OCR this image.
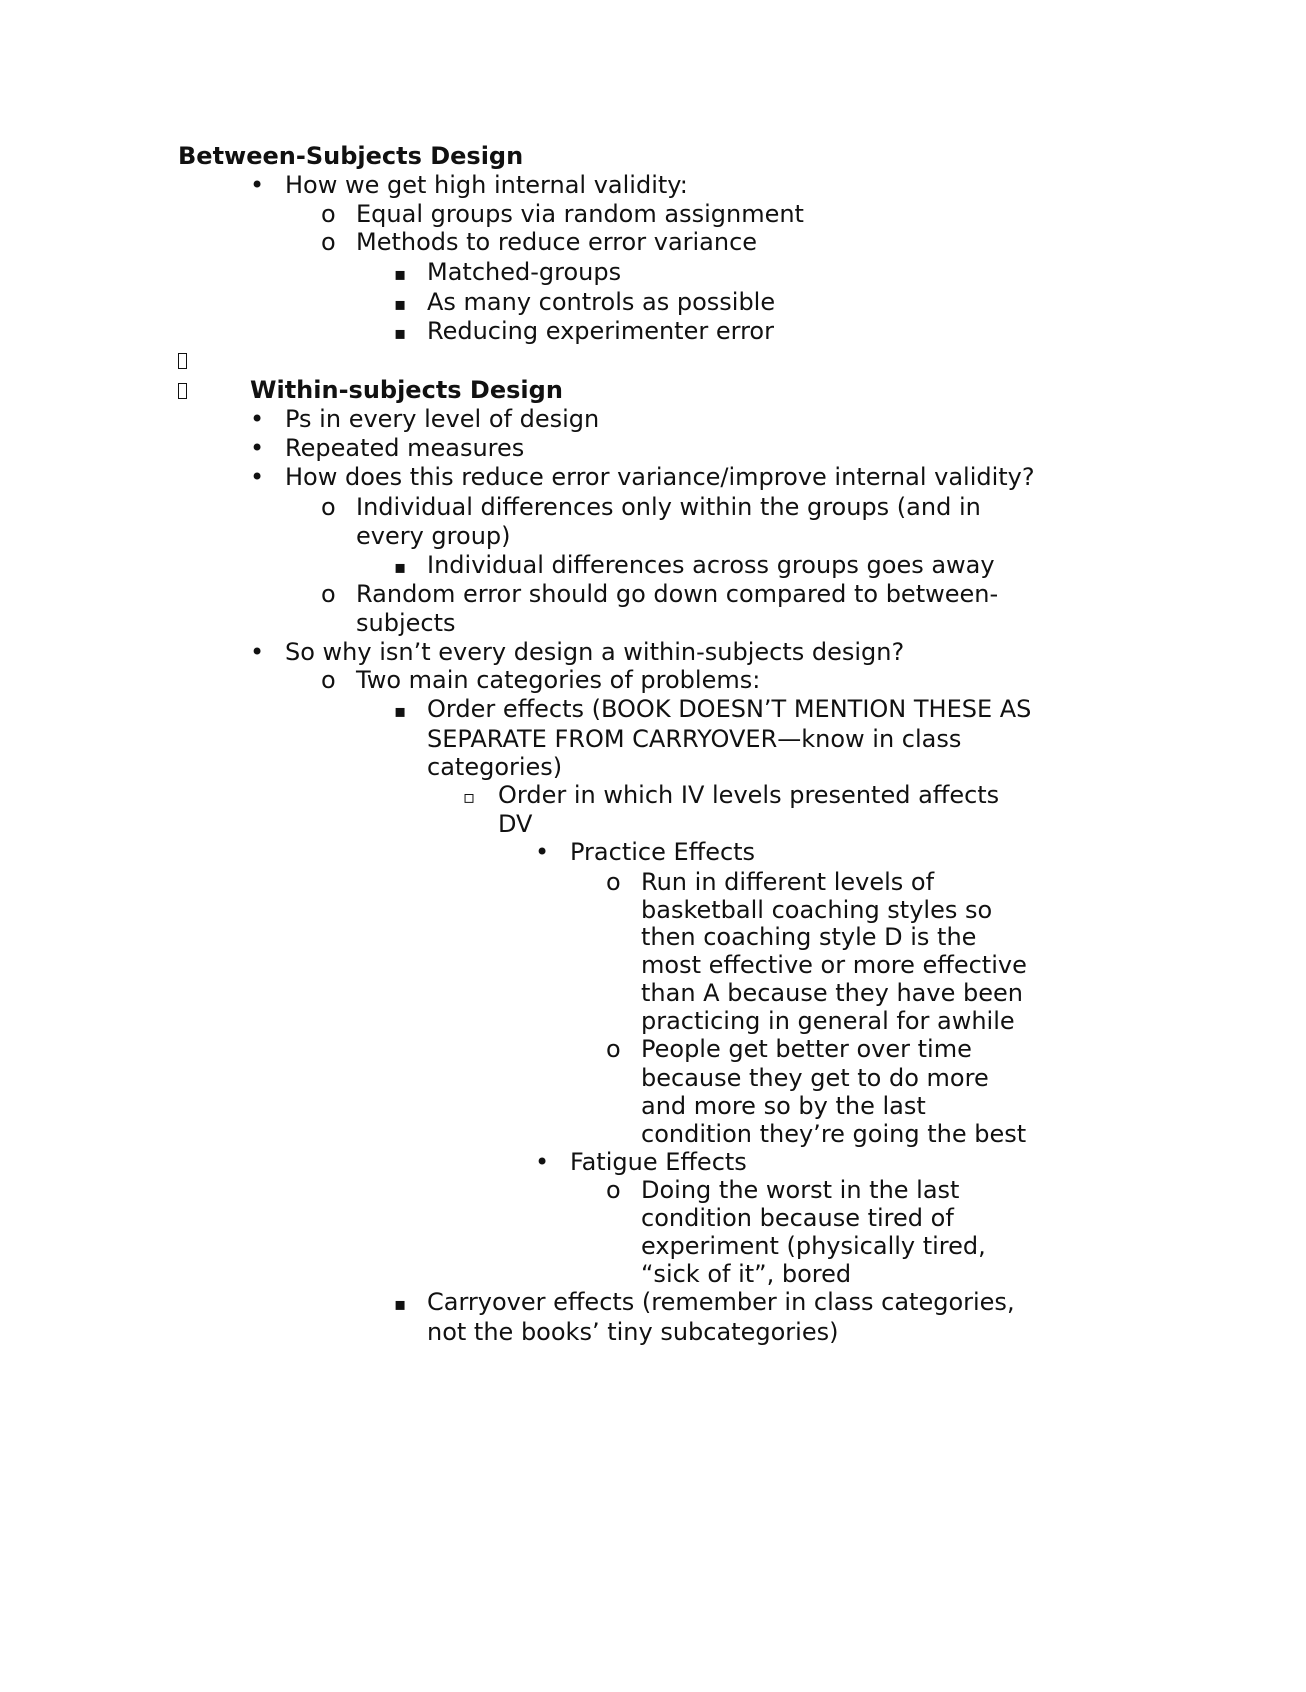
Between-Subjects Design
•
How we get high internal validity:
o
Equal groups via random assignment
o
Methods to reduce error variance
▪
Matched-groups
▪
As many controls as possible
▪
Reducing experimenter error
Within-subjects Design
•
Ps in every level of design
•
Repeated measures
•
How does this reduce error variance/improve internal validity?
o
Individual differences only within the groups (and in
every group)
▪
Individual differences across groups goes away
o
Random error should go down compared to between-
subjects
•
So why isn’t every design a within-subjects design?
o
Two main categories of problems:
▪
Order effects (BOOK DOESN’T MENTION THESE AS
SEPARATE FROM CARRYOVER—know in class
categories)
▫
Order in which IV levels presented affects
DV
•
Practice Effects
o
Run in different levels of
basketball coaching styles so
then coaching style D is the
most effective or more effective
than A because they have been
practicing in general for awhile
o
People get better over time
because they get to do more
and more so by the last
condition they’re going the best
•
Fatigue Effects
o
Doing the worst in the last
condition because tired of
experiment (physically tired,
“sick of it”, bored
▪
Carryover effects (remember in class categories,
not the books’ tiny subcategories)
